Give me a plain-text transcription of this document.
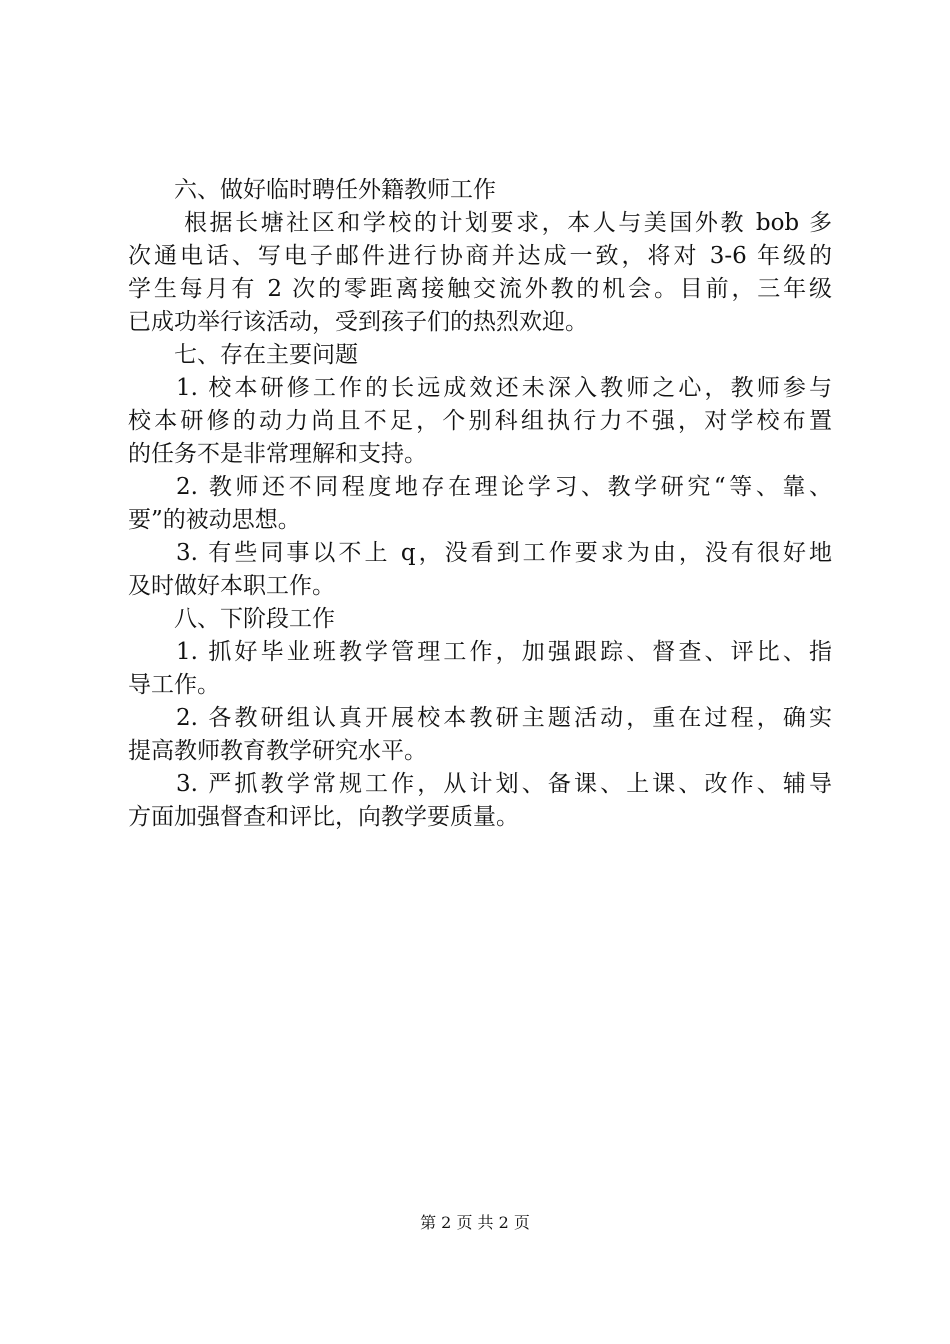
六、做好临时聘任外籍教师工作
根据长塘社区和学校的计划要求，本人与美国外教 bob 多
次通电话、写电子邮件进行协商并达成一致，将对 3-6 年级的
学生每月有 2 次的零距离接触交流外教的机会。目前，三年级
已成功举行该活动，受到孩子们的热烈欢迎。
七、存在主要问题
1. 校本研修工作的长远成效还未深入教师之心，教师参与
校本研修的动力尚且不足，个别科组执行力不强，对学校布置
的任务不是非常理解和支持。
2. 教师还不同程度地存在理论学习、教学研究“等、靠、
要”的被动思想。
3. 有些同事以不上 q，没看到工作要求为由，没有很好地
及时做好本职工作。
八、下阶段工作
1. 抓好毕业班教学管理工作，加强跟踪、督查、评比、指
导工作。
2. 各教研组认真开展校本教研主题活动，重在过程，确实
提高教师教育教学研究水平。
3. 严抓教学常规工作，从计划、备课、上课、改作、辅导
方面加强督查和评比，向教学要质量。
第 2 页 共 2 页
